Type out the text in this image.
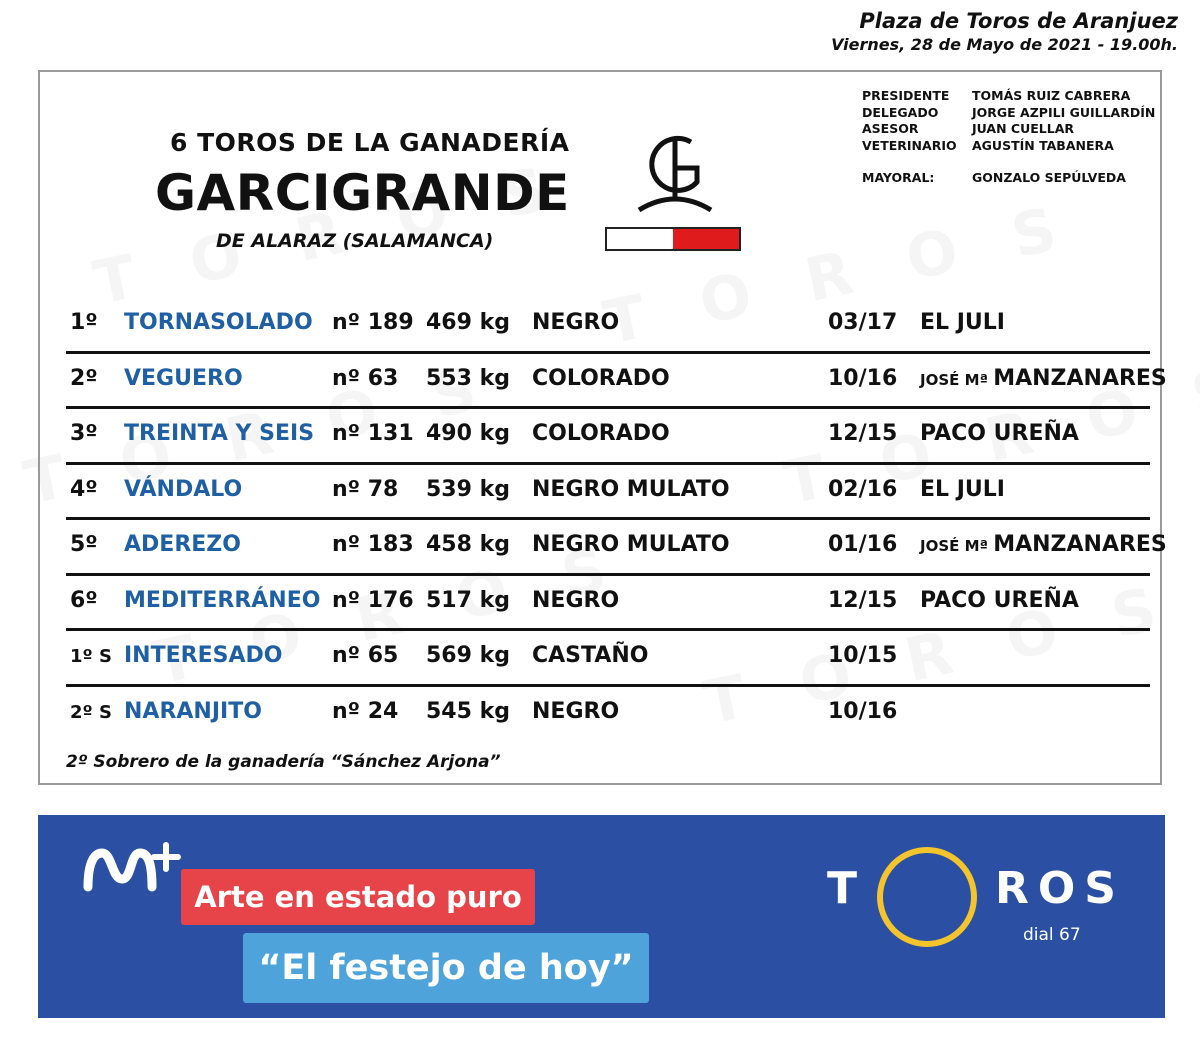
Plaza de Toros de Aranjuez
Viernes, 28 de Mayo de 2021 - 19.00h.
6 TOROS DE LA GANADERÍA
GARCIGRANDE
DE ALARAZ (SALAMANCA)
PRESIDENTE	TOMÁS RUIZ CABRERA
DELEGADO	JORGE AZPILI GUILLARDÍN
ASESOR	JUAN CUELLAR
VETERINARIO	AGUSTÍN TABANERA
MAYORAL:	GONZALO SEPÚLVEDA
1º TORNASOLADO nº 189 469 kg NEGRO	03/17 EL JULI
2º VEGUERO	nº 63 553 kg COLORADO	10/16 JOSÉ Mª MANZANARES
3º TREINTA Y SEIS nº 131 490 kg COLORADO	12/15 PACO UREÑA
4º VÁNDALO	nº 78 539 kg NEGRO MULATO	02/16 EL JULI
5º ADEREZO	nº 183 458 kg NEGRO MULATO	01/16 JOSÉ Mª MANZANARES
6º MEDITERRÁNEO nº 176 517 kg NEGRO	12/15 PACO UREÑA
1º S INTERESADO nº 65 569 kg CASTAÑO	10/15
2º S NARANJITO	nº 24 545 kg NEGRO	10/16
2º Sobrero de la ganadería “Sánchez Arjona”
Arte en estado puro
“El festejo de hoy”
T	ROS
dial 67
